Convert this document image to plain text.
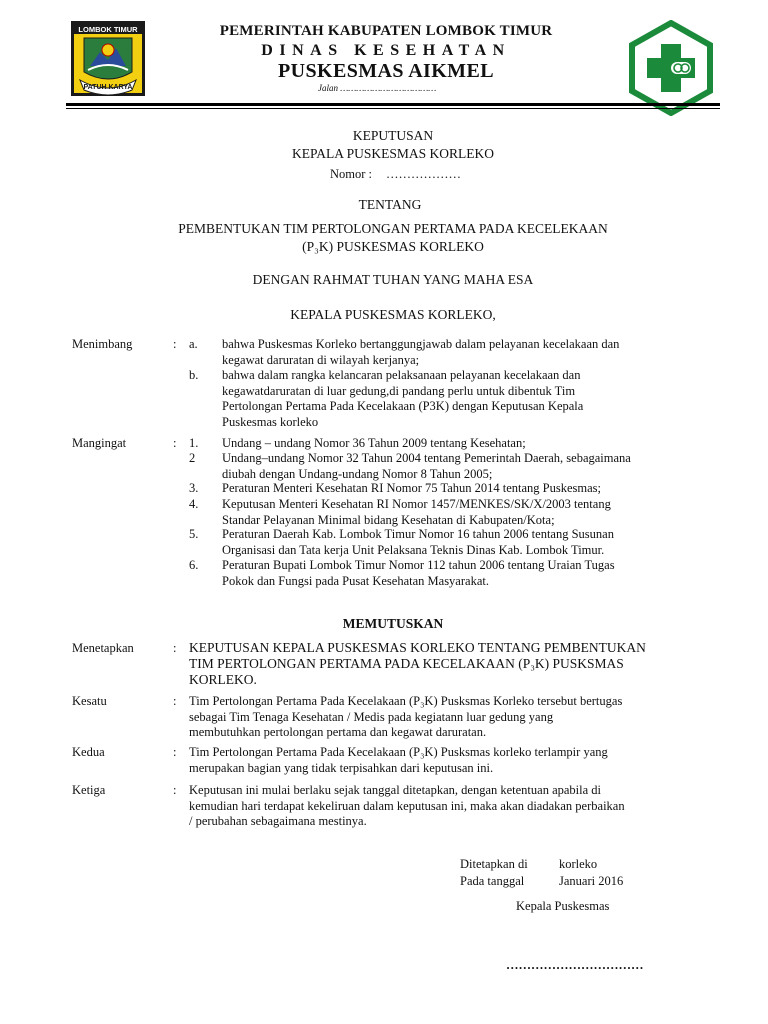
LOMBOK TIMUR
PATUH KARYA
PEMERINTAH KABUPATEN LOMBOK TIMUR
DINAS KESEHATAN
PUSKESMAS AIKMEL
Jalan ………………………………
KEPUTUSAN
KEPALA PUSKESMAS KORLEKO
Nomor : ………………
TENTANG
PEMBENTUKAN TIM PERTOLONGAN PERTAMA PADA KECELEKAAN
(P₃K) PUSKESMAS KORLEKO
DENGAN RAHMAT TUHAN YANG MAHA ESA
KEPALA PUSKESMAS KORLEKO,
Menimbang	: a. bahwa Puskesmas Korleko bertanggungjawab dalam pelayanan kecelakaan dan
kegawat daruratan di wilayah kerjanya;
b. bahwa dalam rangka kelancaran pelaksanaan pelayanan kecelakaan dan
kegawatdaruratan di luar gedung,di pandang perlu untuk dibentuk Tim
Pertolongan Pertama Pada Kecelakaan (P3K) dengan Keputusan Kepala
Puskesmas korleko
Mangingat	: 1. Undang – undang Nomor 36 Tahun 2009 tentang Kesehatan;
2 Undang–undang Nomor 32 Tahun 2004 tentang Pemerintah Daerah, sebagaimana
diubah dengan Undang-undang Nomor 8 Tahun 2005;
3. Peraturan Menteri Kesehatan RI Nomor 75 Tahun 2014 tentang Puskesmas;
4. Keputusan Menteri Kesehatan RI Nomor 1457/MENKES/SK/X/2003 tentang
Standar Pelayanan Minimal bidang Kesehatan di Kabupaten/Kota;
5. Peraturan Daerah Kab. Lombok Timur Nomor 16 tahun 2006 tentang Susunan
Organisasi dan Tata kerja Unit Pelaksana Teknis Dinas Kab. Lombok Timur.
6. Peraturan Bupati Lombok Timur Nomor 112 tahun 2006 tentang Uraian Tugas
Pokok dan Fungsi pada Pusat Kesehatan Masyarakat.
MEMUTUSKAN
Menetapkan	: KEPUTUSAN KEPALA PUSKESMAS KORLEKO TENTANG PEMBENTUKAN
TIM PERTOLONGAN PERTAMA PADA KECELAKAAN (P₃K) PUSKSMAS
KORLEKO.
Kesatu	: Tim Pertolongan Pertama Pada Kecelakaan (P₃K) Pusksmas Korleko tersebut bertugas
sebagai Tim Tenaga Kesehatan / Medis pada kegiatann luar gedung yang
membutuhkan pertolongan pertama dan kegawat daruratan.
Kedua	: Tim Pertolongan Pertama Pada Kecelakaan (P₃K) Pusksmas korleko terlampir yang
merupakan bagian yang tidak terpisahkan dari keputusan ini.
Ketiga	: Keputusan ini mulai berlaku sejak tanggal ditetapkan, dengan ketentuan apabila di
kemudian hari terdapat kekeliruan dalam keputusan ini, maka akan diadakan perbaikan
/ perubahan sebagaimana mestinya.
Ditetapkan di	korleko
Pada tanggal	Januari 2016
Kepala Puskesmas
……………………………
